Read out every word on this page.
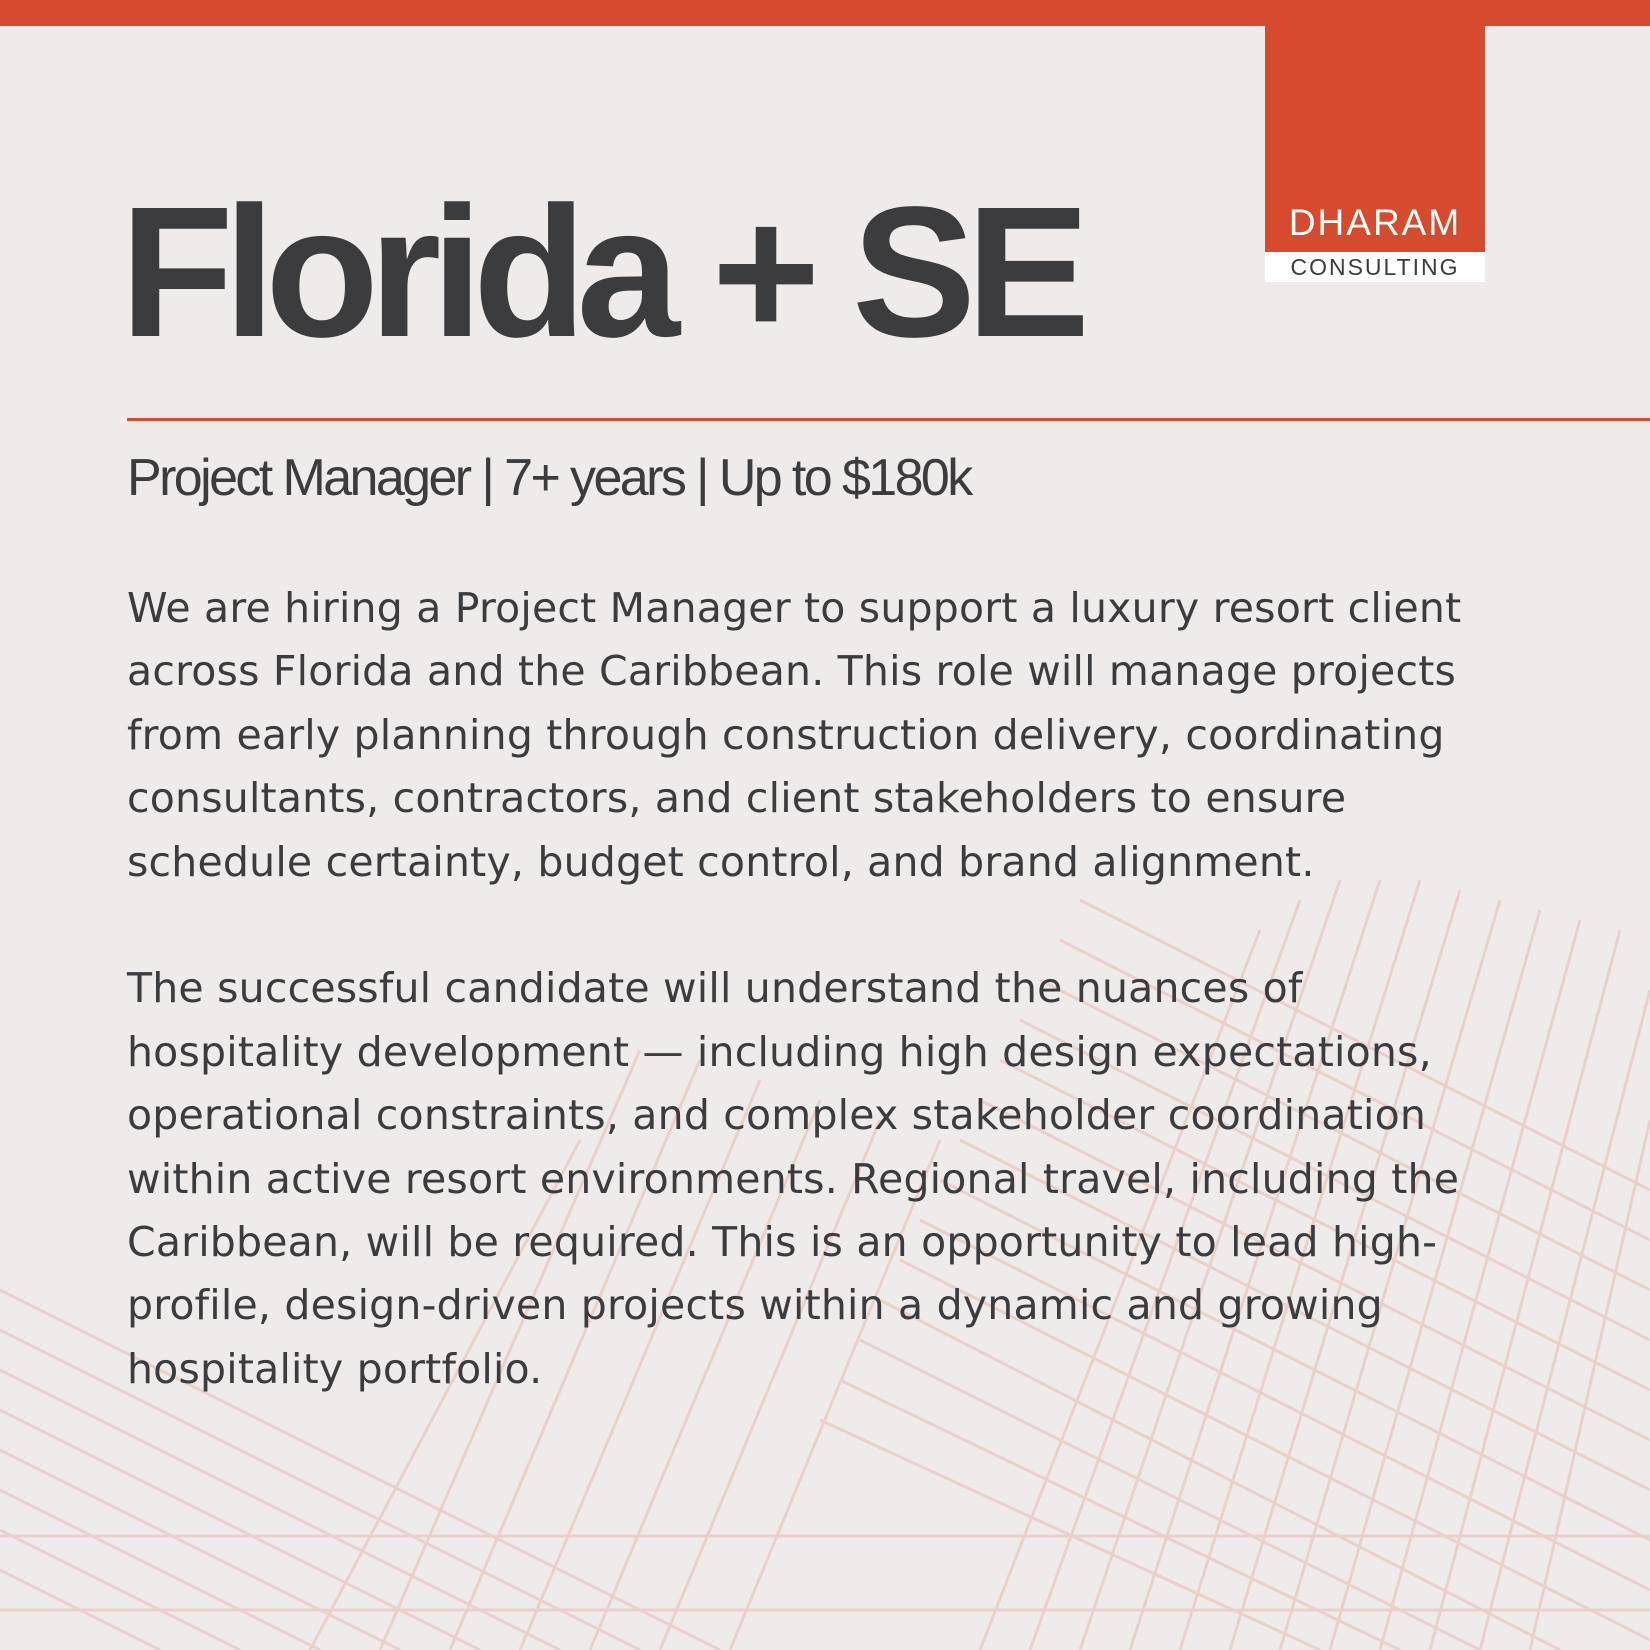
DHARAM
CONSULTING
Florida + SE
Project Manager | 7+ years | Up to $180k

We are hiring a Project Manager to support a luxury resort client across Florida and the Caribbean. This role will manage projects from early planning through construction delivery, coordinating consultants, contractors, and client stakeholders to ensure schedule certainty, budget control, and brand alignment.

The successful candidate will understand the nuances of hospitality development — including high design expectations, operational constraints, and complex stakeholder coordination within active resort environments. Regional travel, including the Caribbean, will be required. This is an opportunity to lead high-profile, design-driven projects within a dynamic and growing hospitality portfolio.
